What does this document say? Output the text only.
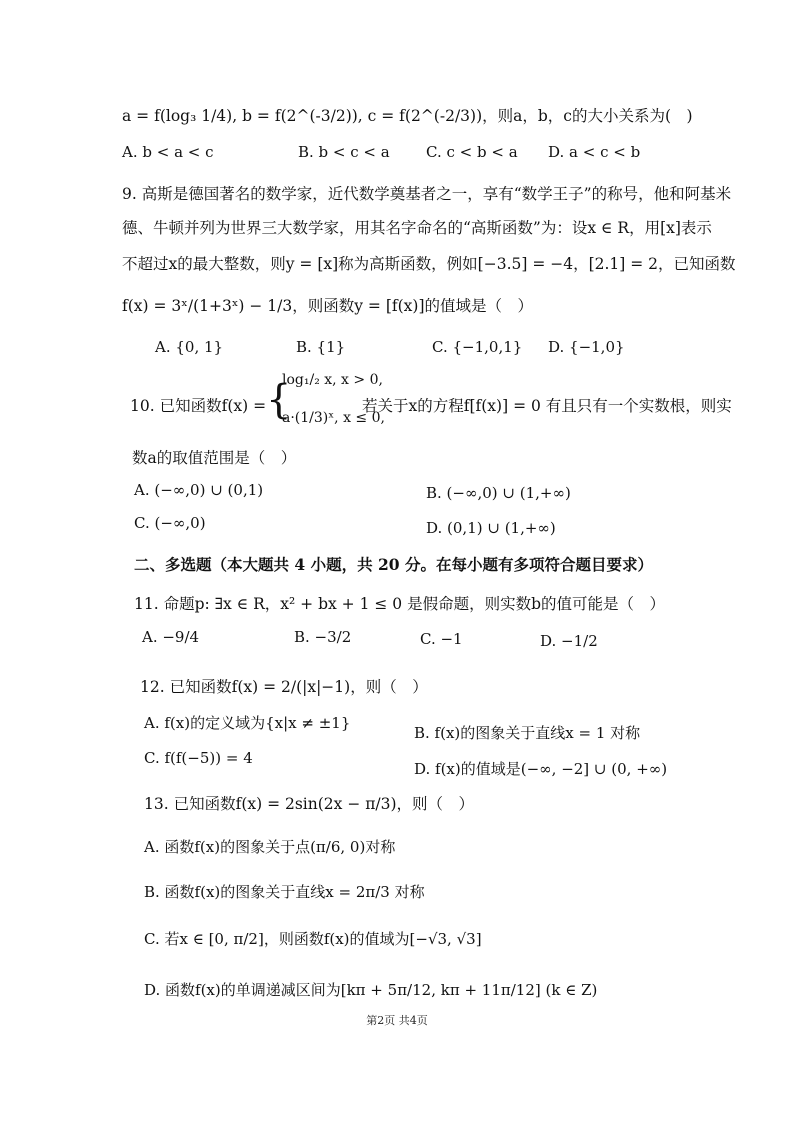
a = f(log₃ 1/4), b = f(2^(-3/2)), c = f(2^(-2/3))，则a，b，c的大小关系为(　)
A. b < a < c	B. b < c < a C. c < b < a D. a < c < b
9. 高斯是德国著名的数学家，近代数学奠基者之一，享有“数学王子”的称号，他和阿基米
德、牛顿并列为世界三大数学家，用其名字命名的“高斯函数”为：设x ∈ R，用[x]表示
不超过x的最大整数，则y = [x]称为高斯函数，例如[−3.5] = −4，[2.1] = 2，已知函数
f(x) = 3ˣ/(1+3ˣ) − 1/3，则函数y = [f(x)]的值域是（　）
A. {0, 1}	B. {1}	C. {−1,0,1} D. {−1,0}
10. 已知函数f(x) = {
log₁/₂ x, x > 0,
a·(1/3)ˣ, x ≤ 0,
若关于x的方程f[f(x)] = 0 有且只有一个实数根，则实
数a的取值范围是（　）
A. (−∞,0) ∪ (0,1)	B. (−∞,0) ∪ (1,+∞)
C. (−∞,0)	D. (0,1) ∪ (1,+∞)
二、多选题（本大题共 4 小题，共 20 分。在每小题有多项符合题目要求）
11. 命题p: ∃x ∈ R，x² + bx + 1 ≤ 0 是假命题，则实数b的值可能是（　）
A. −9/4	B. −3/2	C. −1	D. −1/2
12. 已知函数f(x) = 2/(|x|−1)，则（　）
A. f(x)的定义域为{x|x ≠ ±1}
B. f(x)的图象关于直线x = 1 对称
C. f(f(−5)) = 4
D. f(x)的值域是(−∞, −2] ∪ (0, +∞)
13. 已知函数f(x) = 2sin(2x − π/3)，则（　）
A. 函数f(x)的图象关于点(π/6, 0)对称
B. 函数f(x)的图象关于直线x = 2π/3 对称
C. 若x ∈ [0, π/2]，则函数f(x)的值域为[−√3, √3]
D. 函数f(x)的单调递减区间为[kπ + 5π/12, kπ + 11π/12] (k ∈ Z)
第2页 共4页
